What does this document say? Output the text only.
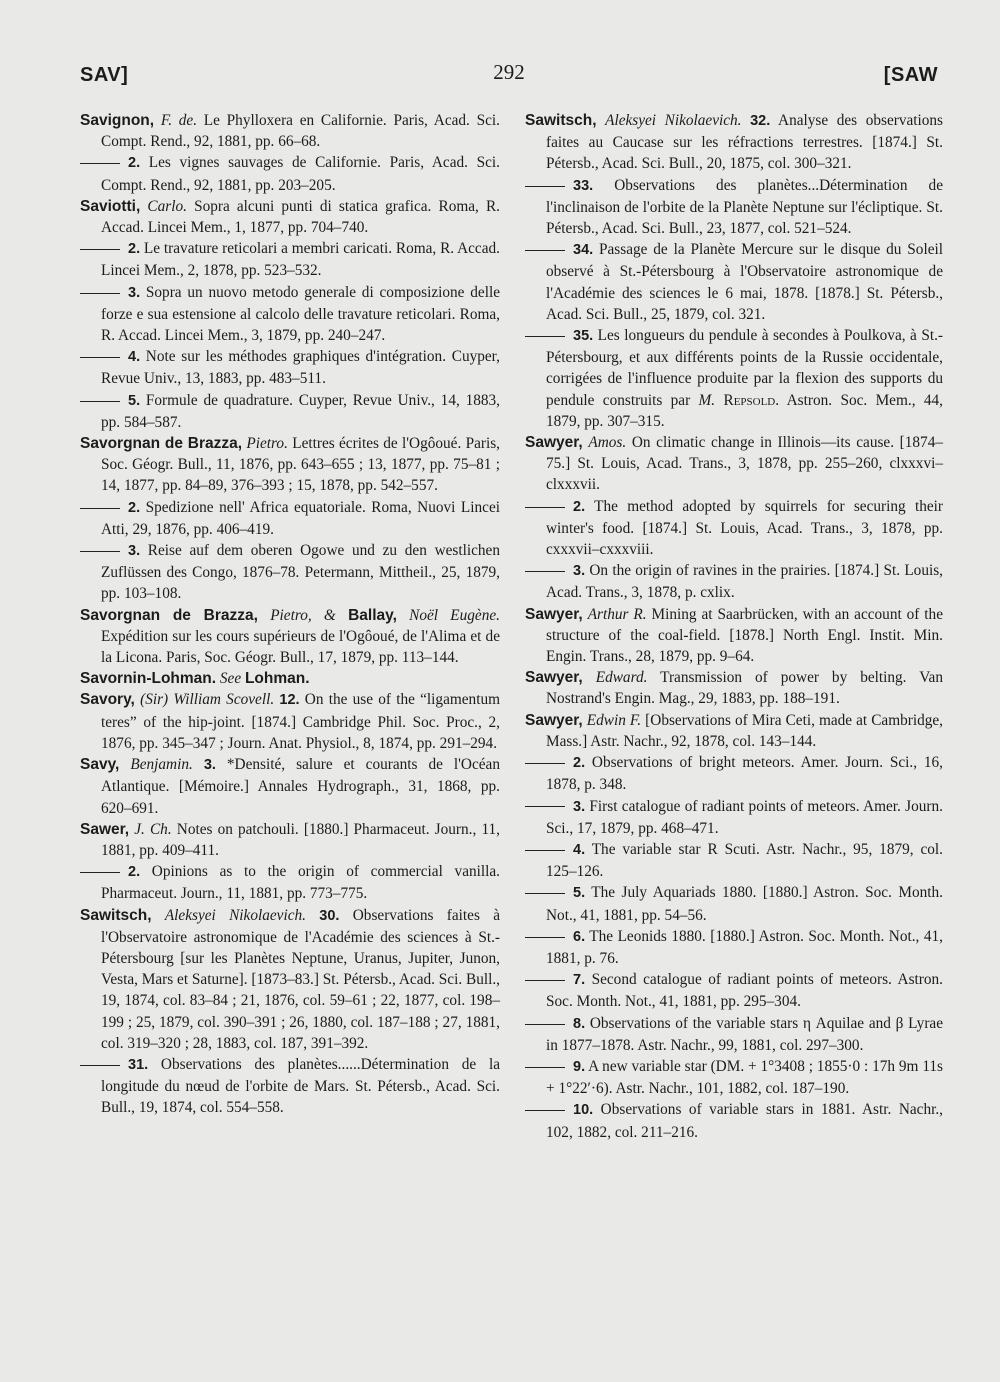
SAV]	292	[SAW

Savignon, F. de. Le Phylloxera en Californie. Paris, Acad. Sci. Compt. Rend., 92, 1881, pp. 66–68.

2. Les vignes sauvages de Californie. Paris, Acad. Sci. Compt. Rend., 92, 1881, pp. 203–205.

Saviotti, Carlo. Sopra alcuni punti di statica grafica. Roma, R. Accad. Lincei Mem., 1, 1877, pp. 704–740.

2. Le travature reticolari a membri caricati. Roma, R. Accad. Lincei Mem., 2, 1878, pp. 523–532.

3. Sopra un nuovo metodo generale di composizione delle forze e sua estensione al calcolo delle travature reticolari. Roma, R. Accad. Lincei Mem., 3, 1879, pp. 240–247.

4. Note sur les méthodes graphiques d'intégration. Cuyper, Revue Univ., 13, 1883, pp. 483–511.

5. Formule de quadrature. Cuyper, Revue Univ., 14, 1883, pp. 584–587.

Savorgnan de Brazza, Pietro. Lettres écrites de l'Ogôoué. Paris, Soc. Géogr. Bull., 11, 1876, pp. 643–655 ; 13, 1877, pp. 75–81 ; 14, 1877, pp. 84–89, 376–393 ; 15, 1878, pp. 542–557.

2. Spedizione nell' Africa equatoriale. Roma, Nuovi Lincei Atti, 29, 1876, pp. 406–419.

3. Reise auf dem oberen Ogowe und zu den westlichen Zuflüssen des Congo, 1876–78. Petermann, Mittheil., 25, 1879, pp. 103–108.

Savorgnan de Brazza, Pietro, & Ballay, Noël Eugène. Expédition sur les cours supérieurs de l'Ogôoué, de l'Alima et de la Licona. Paris, Soc. Géogr. Bull., 17, 1879, pp. 113–144.

Savornin-Lohman. See Lohman.

Savory, (Sir) William Scovell. 12. On the use of the “ligamentum teres” of the hip-joint. [1874.] Cambridge Phil. Soc. Proc., 2, 1876, pp. 345–347 ; Journ. Anat. Physiol., 8, 1874, pp. 291–294.

Savy, Benjamin. 3. *Densité, salure et courants de l'Océan Atlantique. [Mémoire.] Annales Hydrograph., 31, 1868, pp. 620–691.

Sawer, J. Ch. Notes on patchouli. [1880.] Pharmaceut. Journ., 11, 1881, pp. 409–411.

2. Opinions as to the origin of commercial vanilla. Pharmaceut. Journ., 11, 1881, pp. 773–775.

Sawitsch, Aleksyei Nikolaevich. 30. Observations faites à l'Observatoire astronomique de l'Académie des sciences à St.-Pétersbourg [sur les Planètes Neptune, Uranus, Jupiter, Junon, Vesta, Mars et Saturne]. [1873–83.] St. Pétersb., Acad. Sci. Bull., 19, 1874, col. 83–84 ; 21, 1876, col. 59–61 ; 22, 1877, col. 198–199 ; 25, 1879, col. 390–391 ; 26, 1880, col. 187–188 ; 27, 1881, col. 319–320 ; 28, 1883, col. 187, 391–392.

31. Observations des planètes......Détermination de la longitude du nœud de l'orbite de Mars. St. Pétersb., Acad. Sci. Bull., 19, 1874, col. 554–558.

Sawitsch, Aleksyei Nikolaevich. 32. Analyse des observations faites au Caucase sur les réfractions terrestres. [1874.] St. Pétersb., Acad. Sci. Bull., 20, 1875, col. 300–321.

33. Observations des planètes...Détermination de l'inclinaison de l'orbite de la Planète Neptune sur l'écliptique. St. Pétersb., Acad. Sci. Bull., 23, 1877, col. 521–524.

34. Passage de la Planète Mercure sur le disque du Soleil observé à St.-Pétersbourg à l'Observatoire astronomique de l'Académie des sciences le 6 mai, 1878. [1878.] St. Pétersb., Acad. Sci. Bull., 25, 1879, col. 321.

35. Les longueurs du pendule à secondes à Poulkova, à St.-Pétersbourg, et aux différents points de la Russie occidentale, corrigées de l'influence produite par la flexion des supports du pendule construits par M. Repsold. Astron. Soc. Mem., 44, 1879, pp. 307–315.

Sawyer, Amos. On climatic change in Illinois—its cause. [1874–75.] St. Louis, Acad. Trans., 3, 1878, pp. 255–260, clxxxvi–clxxxvii.

2. The method adopted by squirrels for securing their winter's food. [1874.] St. Louis, Acad. Trans., 3, 1878, pp. cxxxvii–cxxxviii.

3. On the origin of ravines in the prairies. [1874.] St. Louis, Acad. Trans., 3, 1878, p. cxlix.

Sawyer, Arthur R. Mining at Saarbrücken, with an account of the structure of the coal-field. [1878.] North Engl. Instit. Min. Engin. Trans., 28, 1879, pp. 9–64.

Sawyer, Edward. Transmission of power by belting. Van Nostrand's Engin. Mag., 29, 1883, pp. 188–191.

Sawyer, Edwin F. [Observations of Mira Ceti, made at Cambridge, Mass.] Astr. Nachr., 92, 1878, col. 143–144.

2. Observations of bright meteors. Amer. Journ. Sci., 16, 1878, p. 348.

3. First catalogue of radiant points of meteors. Amer. Journ. Sci., 17, 1879, pp. 468–471.

4. The variable star R Scuti. Astr. Nachr., 95, 1879, col. 125–126.

5. The July Aquariads 1880. [1880.] Astron. Soc. Month. Not., 41, 1881, pp. 54–56.

6. The Leonids 1880. [1880.] Astron. Soc. Month. Not., 41, 1881, p. 76.

7. Second catalogue of radiant points of meteors. Astron. Soc. Month. Not., 41, 1881, pp. 295–304.

8. Observations of the variable stars η Aquilae and β Lyrae in 1877–1878. Astr. Nachr., 99, 1881, col. 297–300.

9. A new variable star (DM. + 1°3408 ; 1855·0 : 17h 9m 11s + 1°22′·6). Astr. Nachr., 101, 1882, col. 187–190.

10. Observations of variable stars in 1881. Astr. Nachr., 102, 1882, col. 211–216.
